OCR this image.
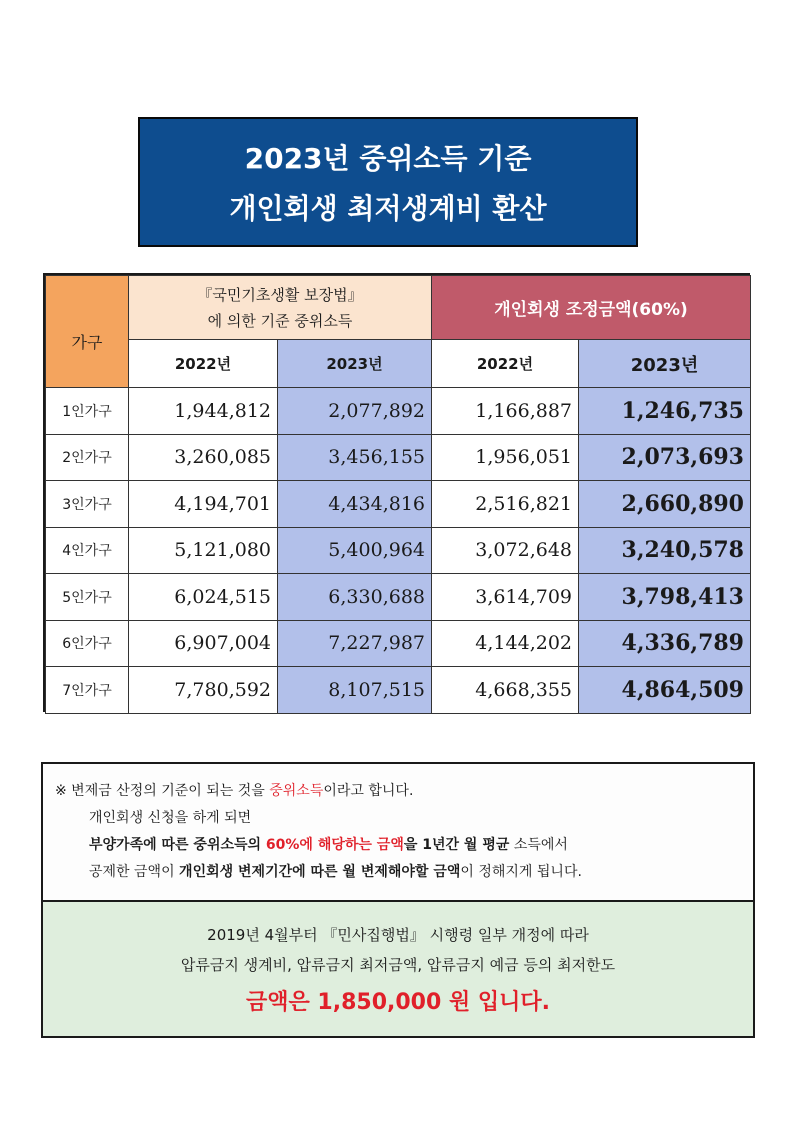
2023년 중위소득 기준
개인회생 최저생계비 환산
가구	『국민기초생활 보장법』
에 의한 기준 중위소득		개인회생 조정금액(60%)	
	2022년	2023년	2022년	2023년
1인가구	1,944,812	2,077,892	1,166,887	1,246,735
2인가구	3,260,085	3,456,155	1,956,051	2,073,693
3인가구	4,194,701	4,434,816	2,516,821	2,660,890
4인가구	5,121,080	5,400,964	3,072,648	3,240,578
5인가구	6,024,515	6,330,688	3,614,709	3,798,413
6인가구	6,907,004	7,227,987	4,144,202	4,336,789
7인가구	7,780,592	8,107,515	4,668,355	4,864,509
※ 변제금 산정의 기준이 되는 것을 중위소득이라고 합니다.
개인회생 신청을 하게 되면
부양가족에 따른 중위소득의 60%에 해당하는 금액을 1년간 월 평균 소득에서
공제한 금액이 개인회생 변제기간에 따른 월 변제해야할 금액이 정해지게 됩니다.
2019년 4월부터 『민사집행법』 시행령 일부 개정에 따라
압류금지 생계비, 압류금지 최저금액, 압류금지 예금 등의 최저한도
금액은 1,850,000 원 입니다.
